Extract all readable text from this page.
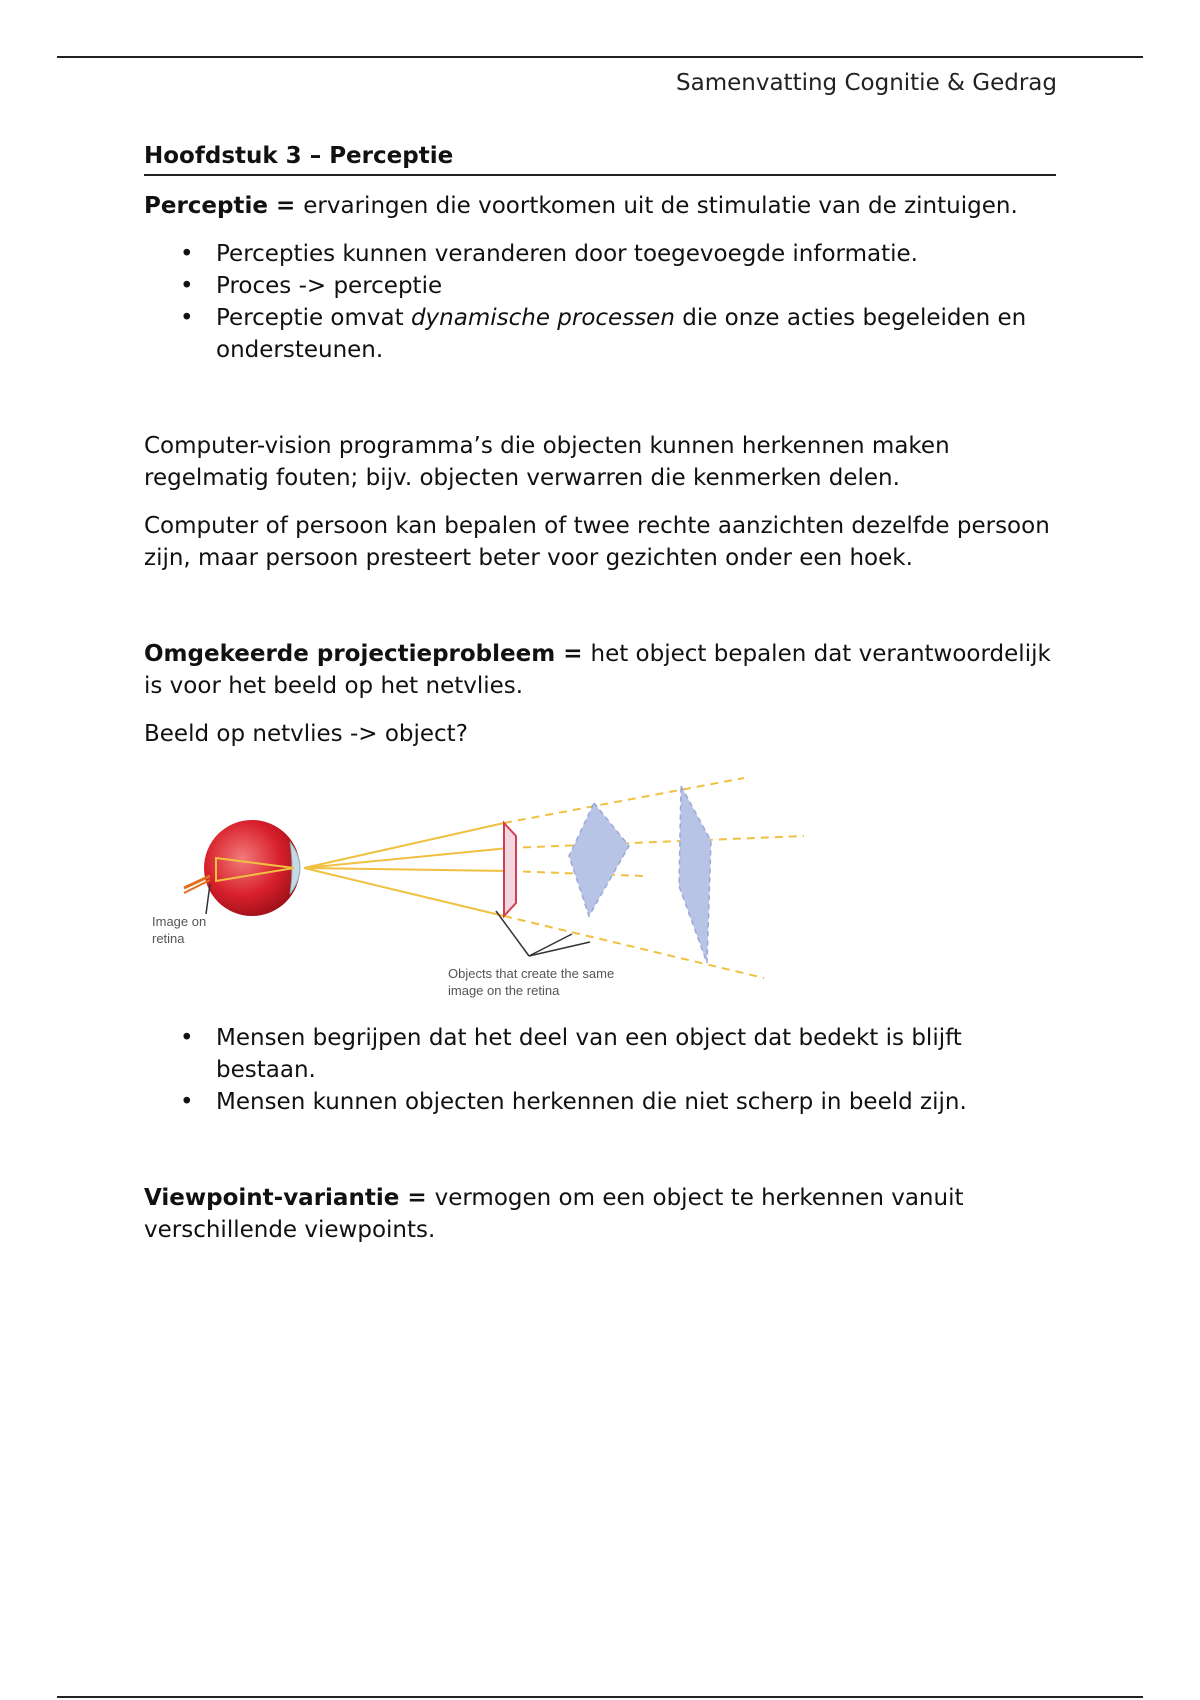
Samenvatting Cognitie & Gedrag
Hoofdstuk 3 – Perceptie

Perceptie = ervaringen die voortkomen uit de stimulatie van de zintuigen.

• Percepties kunnen veranderen door toegevoegde informatie.
• Proces -> perceptie
• Perceptie omvat dynamische processen die onze acties begeleiden en ondersteunen.

Computer-vision programma’s die objecten kunnen herkennen maken regelmatig fouten; bijv. objecten verwarren die kenmerken delen.

Computer of persoon kan bepalen of twee rechte aanzichten dezelfde persoon zijn, maar persoon presteert beter voor gezichten onder een hoek.

Omgekeerde projectieprobleem = het object bepalen dat verantwoordelijk is voor het beeld op het netvlies.

Beeld op netvlies -> object?

Image on
retina
Objects that create the same
image on the retina
• Mensen begrijpen dat het deel van een object dat bedekt is blijft bestaan.
• Mensen kunnen objecten herkennen die niet scherp in beeld zijn.

Viewpoint-variantie = vermogen om een object te herkennen vanuit verschillende viewpoints.
